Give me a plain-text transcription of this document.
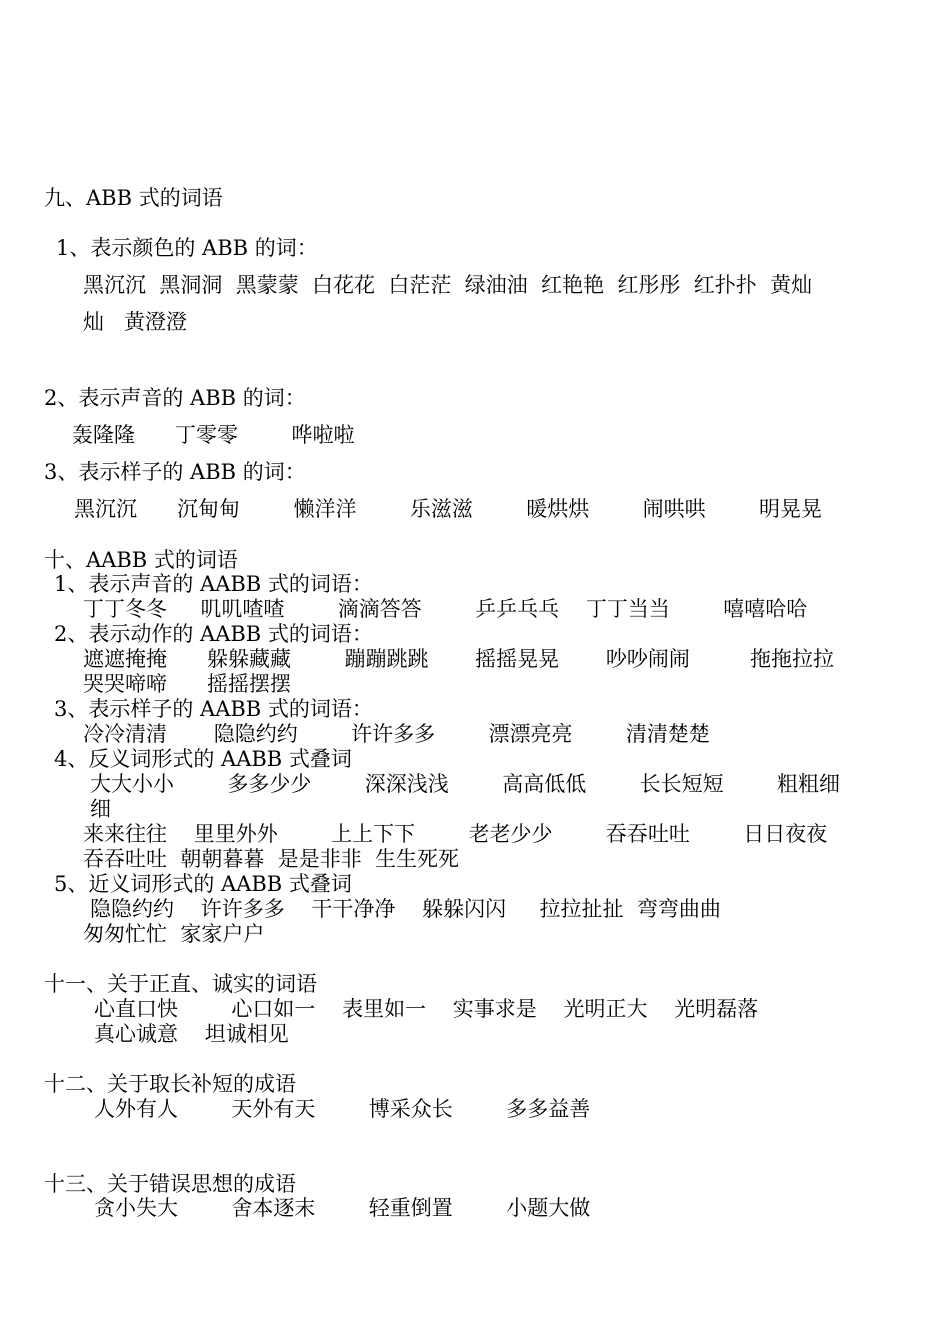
九、ABB 式的词语
1、表示颜色的 ABB 的词：
黑沉沉  黑洞洞  黑蒙蒙  白花花  白茫茫  绿油油  红艳艳  红彤彤  红扑扑  黄灿
灿   黄澄澄
2、表示声音的 ABB 的词：
轰隆隆      丁零零        哗啦啦
3、表示样子的 ABB 的词：
黑沉沉      沉甸甸        懒洋洋        乐滋滋        暖烘烘        闹哄哄        明晃晃
十、AABB 式的词语
1、表示声音的 AABB 式的词语：
丁丁冬冬     叽叽喳喳        滴滴答答        乒乒乓乓    丁丁当当        嘻嘻哈哈
2、表示动作的 AABB 式的词语：
遮遮掩掩      躲躲藏藏        蹦蹦跳跳       摇摇晃晃       吵吵闹闹         拖拖拉拉
哭哭啼啼      摇摇摆摆
3、表示样子的 AABB 式的词语：
冷冷清清       隐隐约约        许许多多        漂漂亮亮        清清楚楚
4、反义词形式的 AABB 式叠词
大大小小        多多少少        深深浅浅        高高低低        长长短短        粗粗细
细
来来往往    里里外外        上上下下        老老少少        吞吞吐吐        日日夜夜
吞吞吐吐  朝朝暮暮  是是非非  生生死死
5、近义词形式的 AABB 式叠词
隐隐约约    许许多多    干干净净    躲躲闪闪     拉拉扯扯  弯弯曲曲
匆匆忙忙  家家户户
十一、关于正直、诚实的词语
心直口快        心口如一    表里如一    实事求是    光明正大    光明磊落
真心诚意    坦诚相见
十二、关于取长补短的成语
人外有人        天外有天        博采众长        多多益善
十三、关于错误思想的成语
贪小失大        舍本逐末        轻重倒置        小题大做
